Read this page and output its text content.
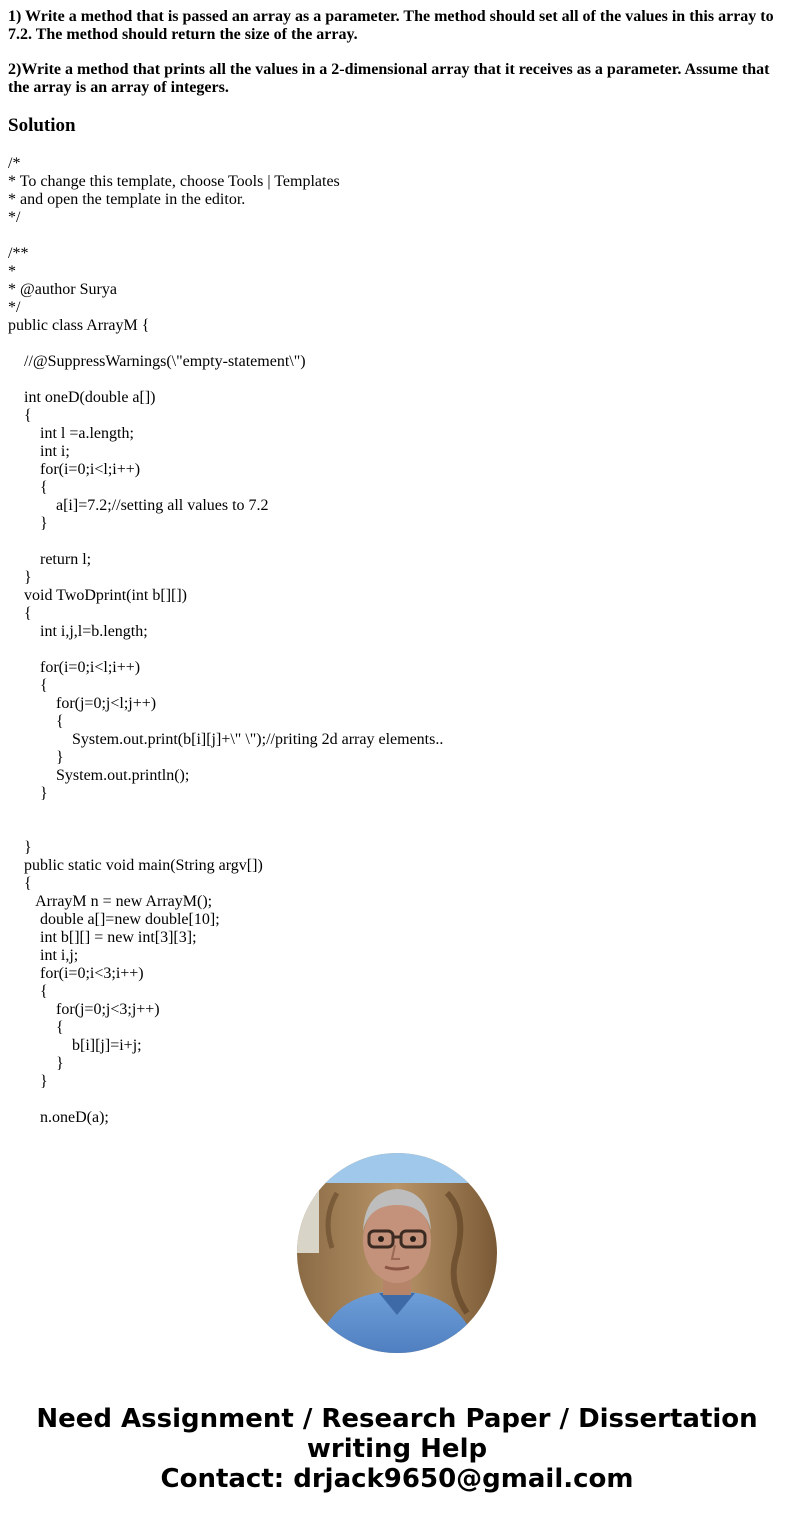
1) Write a method that is passed an array as a parameter. The method should set all of the values in this array to 7.2. The method should return the size of the array.

2)Write a method that prints all the values in a 2-dimensional array that it receives as a parameter. Assume that the array is an array of integers.

Solution
/*
* To change this template, choose Tools | Templates
* and open the template in the editor.
*/
/**
*
* @author Surya
*/
public class ArrayM {
//@SuppressWarnings(\"empty-statement\")
int oneD(double a[])
{
int l =a.length;
int i;
for(i=0;i<l;i++)
{
a[i]=7.2;//setting all values to 7.2
}
return l;
}
void TwoDprint(int b[][])
{
int i,j,l=b.length;
for(i=0;i<l;i++)
{
for(j=0;j<l;j++)
{
System.out.print(b[i][j]+\" \");//priting 2d array elements..
}
System.out.println();
}
}
public static void main(String argv[])
{
ArrayM n = new ArrayM();
double a[]=new double[10];
int b[][] = new int[3][3];
int i,j;
for(i=0;i<3;i++)
{
for(j=0;j<3;j++)
{
b[i][j]=i+j;
}
}
n.oneD(a);
Need Assignment / Research Paper / Dissertation
writing Help
Contact: drjack9650@gmail.com
